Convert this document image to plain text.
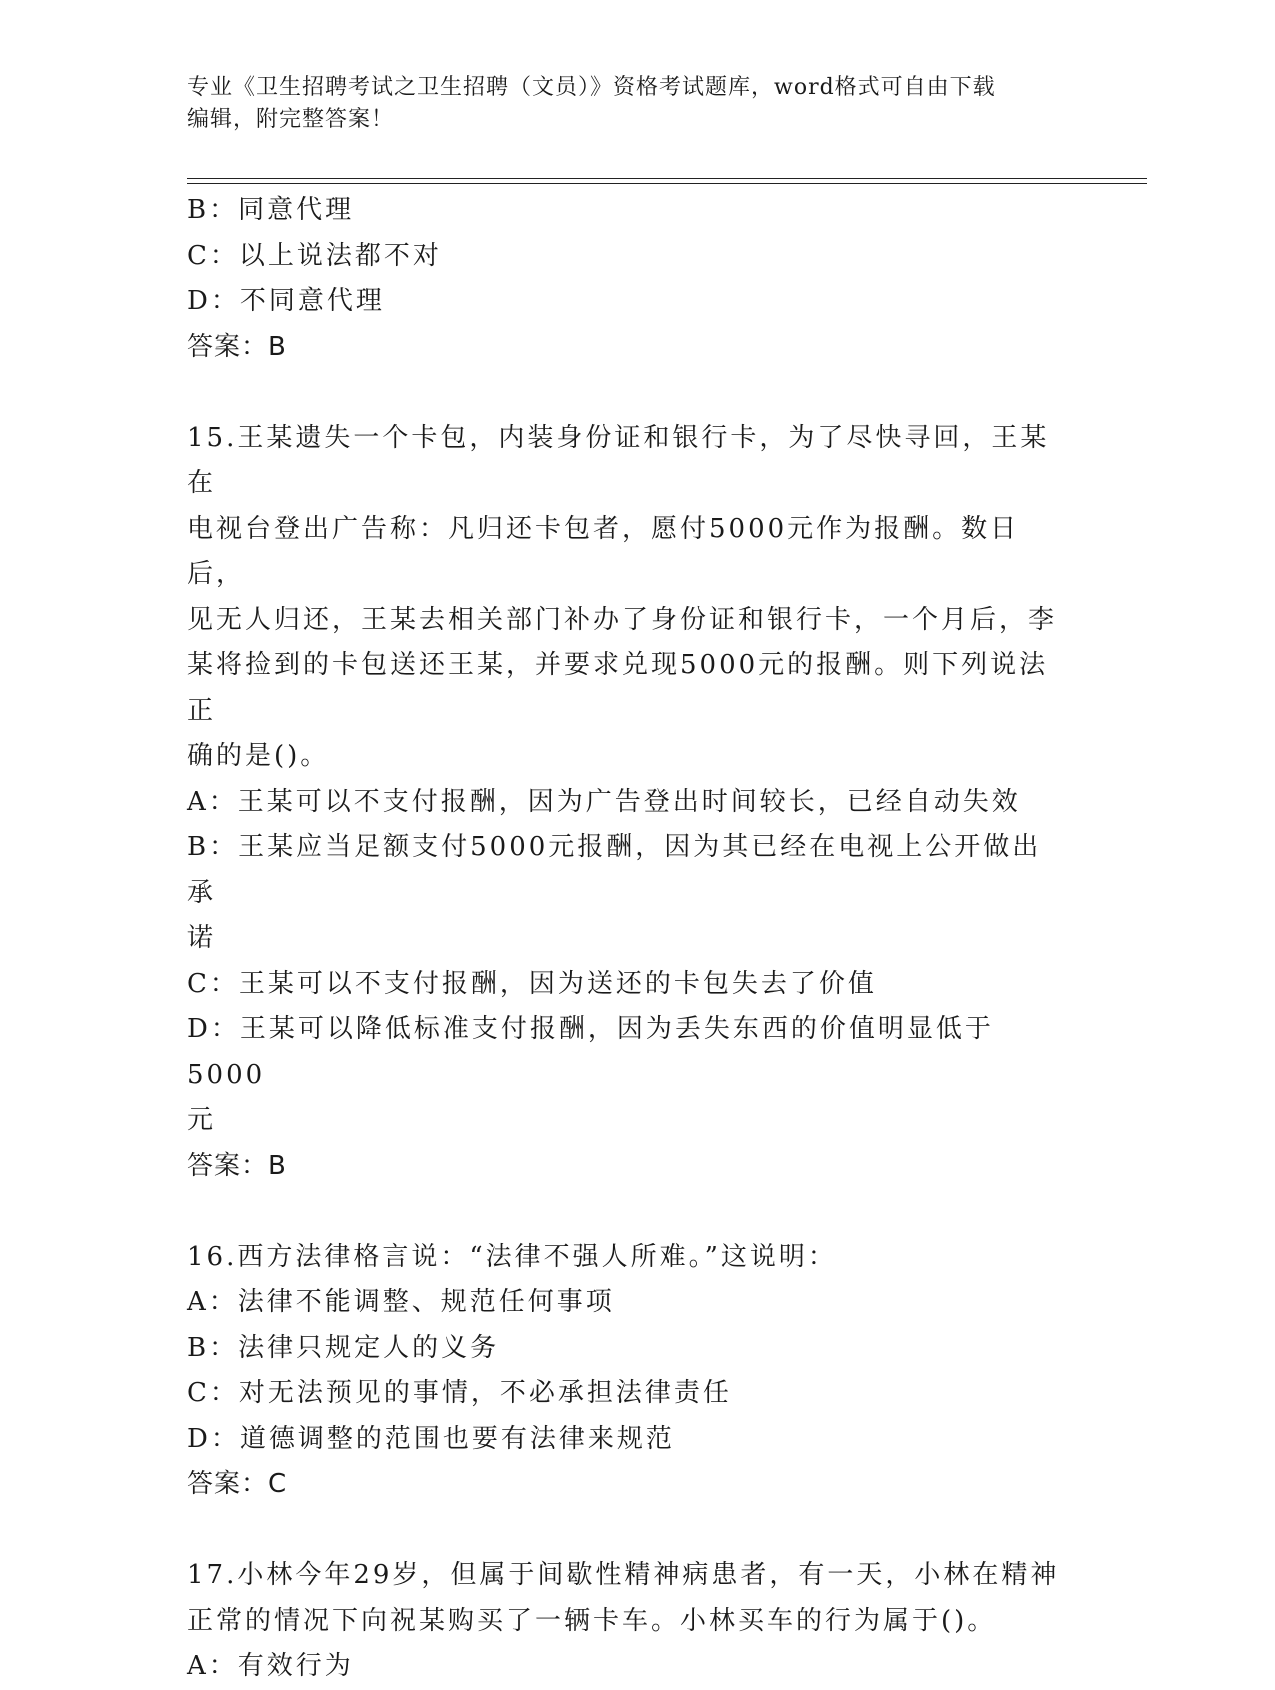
专业《卫生招聘考试之卫生招聘（文员）》资格考试题库，word格式可自由下载
编辑，附完整答案！

B：同意代理

C：以上说法都不对

D：不同意代理

答案：B

15.王某遗失一个卡包，内装身份证和银行卡，为了尽快寻回，王某在

电视台登出广告称：凡归还卡包者，愿付5000元作为报酬。数日后，

见无人归还，王某去相关部门补办了身份证和银行卡，一个月后，李

某将捡到的卡包送还王某，并要求兑现5000元的报酬。则下列说法正

确的是()。

A：王某可以不支付报酬，因为广告登出时间较长，已经自动失效

B：王某应当足额支付5000元报酬，因为其已经在电视上公开做出承

诺

C：王某可以不支付报酬，因为送还的卡包失去了价值

D：王某可以降低标准支付报酬，因为丢失东西的价值明显低于5000

元

答案：B

16.西方法律格言说：“法律不强人所难。”这说明：

A：法律不能调整、规范任何事项

B：法律只规定人的义务

C：对无法预见的事情，不必承担法律责任

D：道德调整的范围也要有法律来规范

答案：C

17.小林今年29岁，但属于间歇性精神病患者，有一天，小林在精神

正常的情况下向祝某购买了一辆卡车。小林买车的行为属于()。

A：有效行为
